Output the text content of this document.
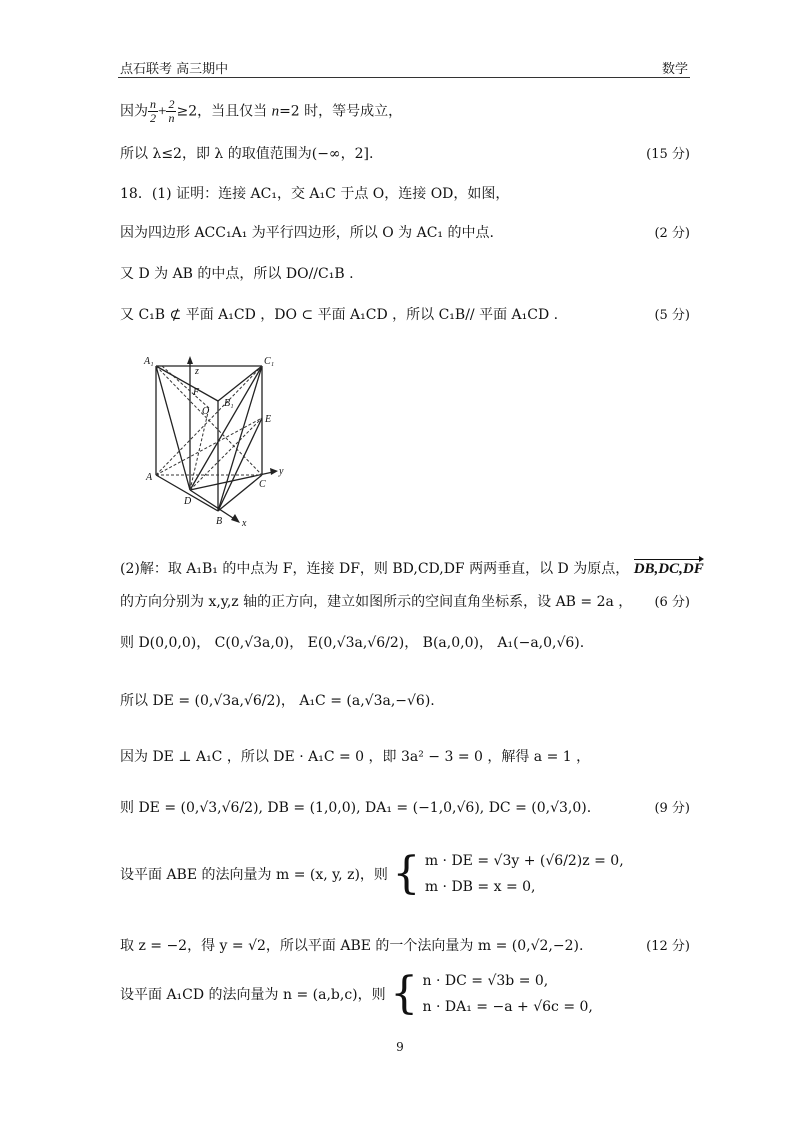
点石联考 高三期中	数学
因为 $\frac{n}{2} + \frac{2}{n} \ge 2$，当且仅当 n=2 时，等号成立，
所以 λ≤2，即 λ 的取值范围为(−∞，2].	(15 分)
18．(1) 证明：连接 AC₁，交 A₁C 于点 O，连接 OD，如图，
因为四边形 ACC₁A₁ 为平行四边形，所以 O 为 AC₁ 的中点.	(2 分)
又 D 为 AB 的中点，所以 DO//C₁B .
又 C₁B ⊄ 平面 A₁CD ，DO ⊂ 平面 A₁CD ，所以 C₁B// 平面 A₁CD .	(5 分)
A₁	C₁
z
F
O
B₁
E
A
D
C
B x
y
(2)解：取 A₁B₁ 的中点为 F，连接 DF，则 BD,CD,DF 两两垂直，以 D 为原点， DB,DC,DF
的方向分别为 x,y,z 轴的正方向，建立如图所示的空间直角坐标系，设 AB = 2a ， (6 分)
则 D(0,0,0)， C(0,√3a,0)， E(0,√3a,√6/2)， B(a,0,0)， A₁(−a,0,√6).
所以 DE = (0,√3a,√6/2)， A₁C = (a,√3a,−√6).
因为 DE ⊥ A₁C ，所以 DE · A₁C = 0 ，即 3a² − 3 = 0 ，解得 a = 1 ，
则 DE = (0,√3,√6/2), DB = (1,0,0), DA₁ = (−1,0,√6), DC = (0,√3,0).	(9 分)
设平面 ABE 的法向量为 m = (x, y, z)，则 { m · DE = √3y + (√6/2)z = 0,
m · DB = x = 0,
取 z = −2，得 y = √2，所以平面 ABE 的一个法向量为 m = (0,√2,−2).	(12 分)
设平面 A₁CD 的法向量为 n = (a,b,c)，则 { n · DC = √3b = 0,
n · DA₁ = −a + √6c = 0,
9
